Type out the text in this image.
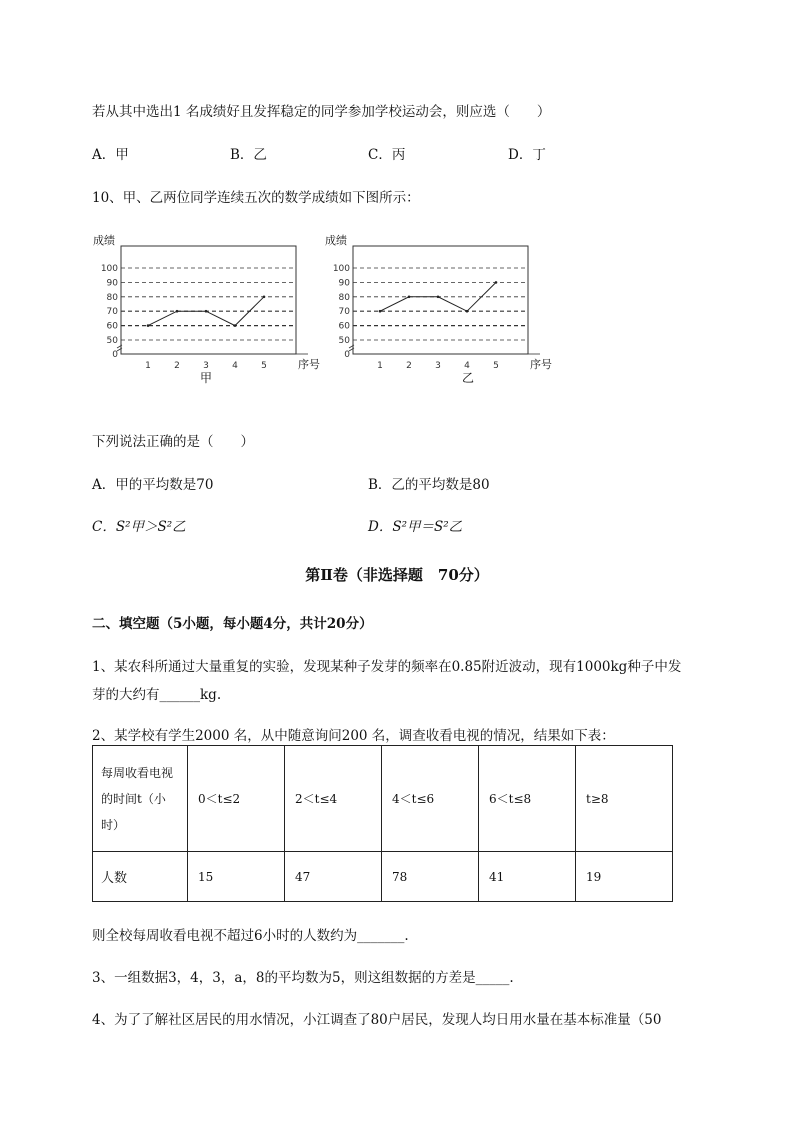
若从其中选出1 名成绩好且发挥稳定的同学参加学校运动会，则应选（　　）
A．甲	B．乙	C．丙	D．丁
10、甲、乙两位同学连续五次的数学成绩如下图所示：
0
50
60
70
80
90
100
成绩
序号
1	2	3	4	5
甲
0
50
60
70
80
90
100
成绩
序号
1	2	3	4	5
乙
下列说法正确的是（　　）
A．甲的平均数是70	B．乙的平均数是80
C．S²甲＞S²乙	D．S²甲＝S²乙
第Ⅱ卷（非选择题　70分）
二、填空题（5小题，每小题4分，共计20分）
1、某农科所通过大量重复的实验，发现某种子发芽的频率在0.85附近波动，现有1000kg种子中发
芽的大约有______kg.
2、某学校有学生2000 名，从中随意询问200 名，调查收看电视的情况，结果如下表：
每周收看电视的时间t（小时）	0＜t≤2	2＜t≤4	4＜t≤6	6＜t≤8	t≥8
人数	15	47	78	41	19
则全校每周收看电视不超过6小时的人数约为_______.
3、一组数据3，4，3，a，8的平均数为5，则这组数据的方差是_____.
4、为了了解社区居民的用水情况，小江调查了80户居民，发现人均日用水量在基本标准量（50
